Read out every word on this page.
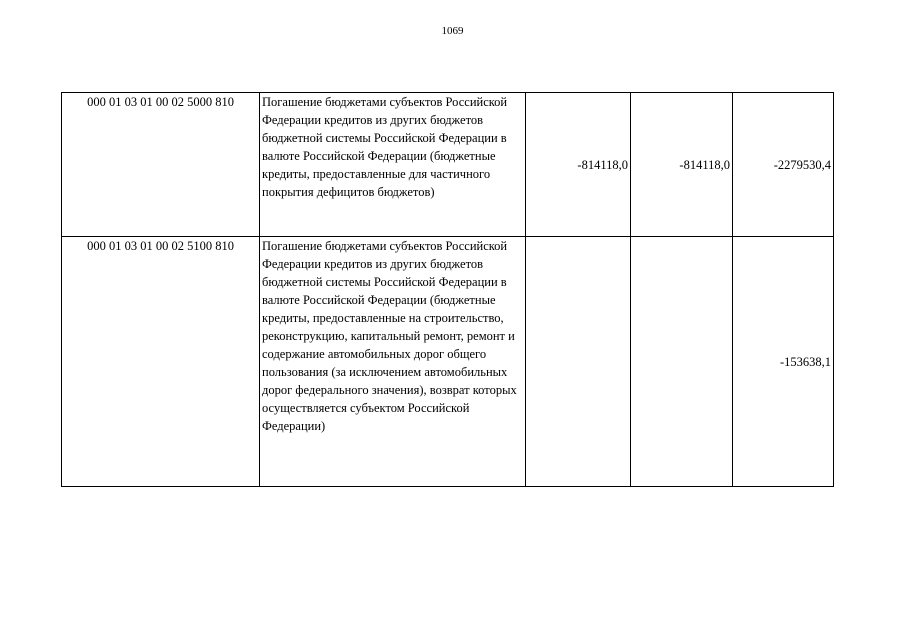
1069
000 01 03 01 00 02 5000 810	Погашение бюджетами субъектов Российской Федерации кредитов из других бюджетов бюджетной системы Российской Федерации в валюте Российской Федерации (бюджетные кредиты, предоставленные для частичного покрытия дефицитов бюджетов)	-814118,0	-814118,0	-2279530,4
000 01 03 01 00 02 5100 810	Погашение бюджетами субъектов Российской Федерации кредитов из других бюджетов бюджетной системы Российской Федерации в валюте Российской Федерации (бюджетные кредиты, предоставленные на строительство, реконструкцию, капитальный ремонт, ремонт и содержание автомобильных дорог общего пользования (за исключением автомобильных дорог федерального значения), возврат которых осуществляется субъектом Российской Федерации)			-153638,1
